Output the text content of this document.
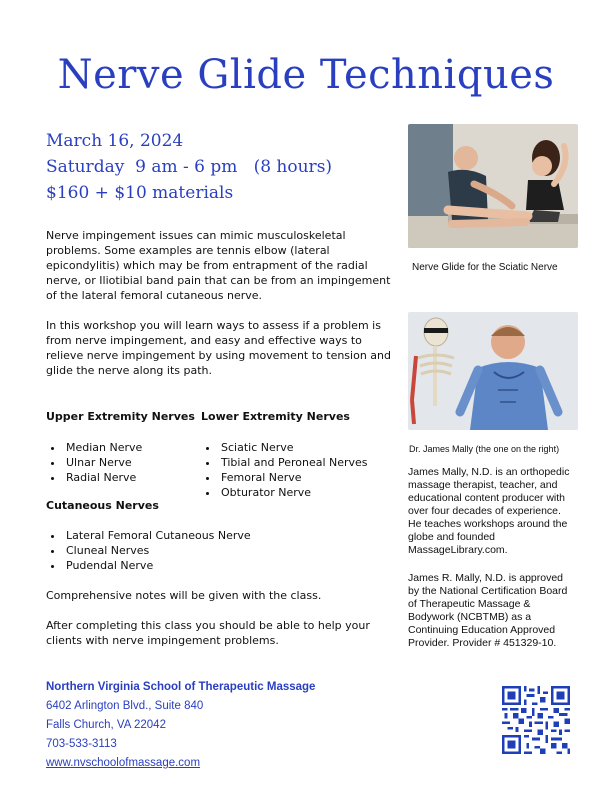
Nerve Glide Techniques
March 16, 2024
Saturday  9 am - 6 pm   (8 hours)
$160 + $10 materials
Nerve impingement issues can mimic musculoskeletal problems. Some examples are tennis elbow (lateral epicondylitis) which may be from entrapment of the radial nerve, or Iliotibial band pain that can be from an impingement of the lateral femoral cutaneous nerve.
In this workshop you will learn ways to assess if a problem is from nerve impingement, and easy and effective ways to relieve nerve impingement by using movement to tension and glide the nerve along its path.
Upper Extremity Nerves
• Median Nerve
• Ulnar Nerve
• Radial Nerve
Lower Extremity Nerves
• Sciatic Nerve
• Tibial and Peroneal Nerves
• Femoral Nerve
• Obturator Nerve
Cutaneous Nerves
• Lateral Femoral Cutaneous Nerve
• Cluneal Nerves
• Pudendal Nerve
Comprehensive notes will be given with the class.
After completing this class you should be able to help your clients with nerve impingement problems.
Nerve Glide for the Sciatic Nerve
Dr. James Mally (the one on the right)
James Mally, N.D. is an orthopedic massage therapist, teacher, and educational content producer with over four decades of experience. He teaches workshops around the globe and founded MassageLibrary.com.
James R. Mally, N.D. is approved by the National Certification Board of Therapeutic Massage & Bodywork (NCBTMB) as a Continuing Education Approved Provider. Provider # 451329-10.
Northern Virginia School of Therapeutic Massage
6402 Arlington Blvd., Suite 840
Falls Church, VA 22042
703-533-3113
www.nvschoolofmassage.com
